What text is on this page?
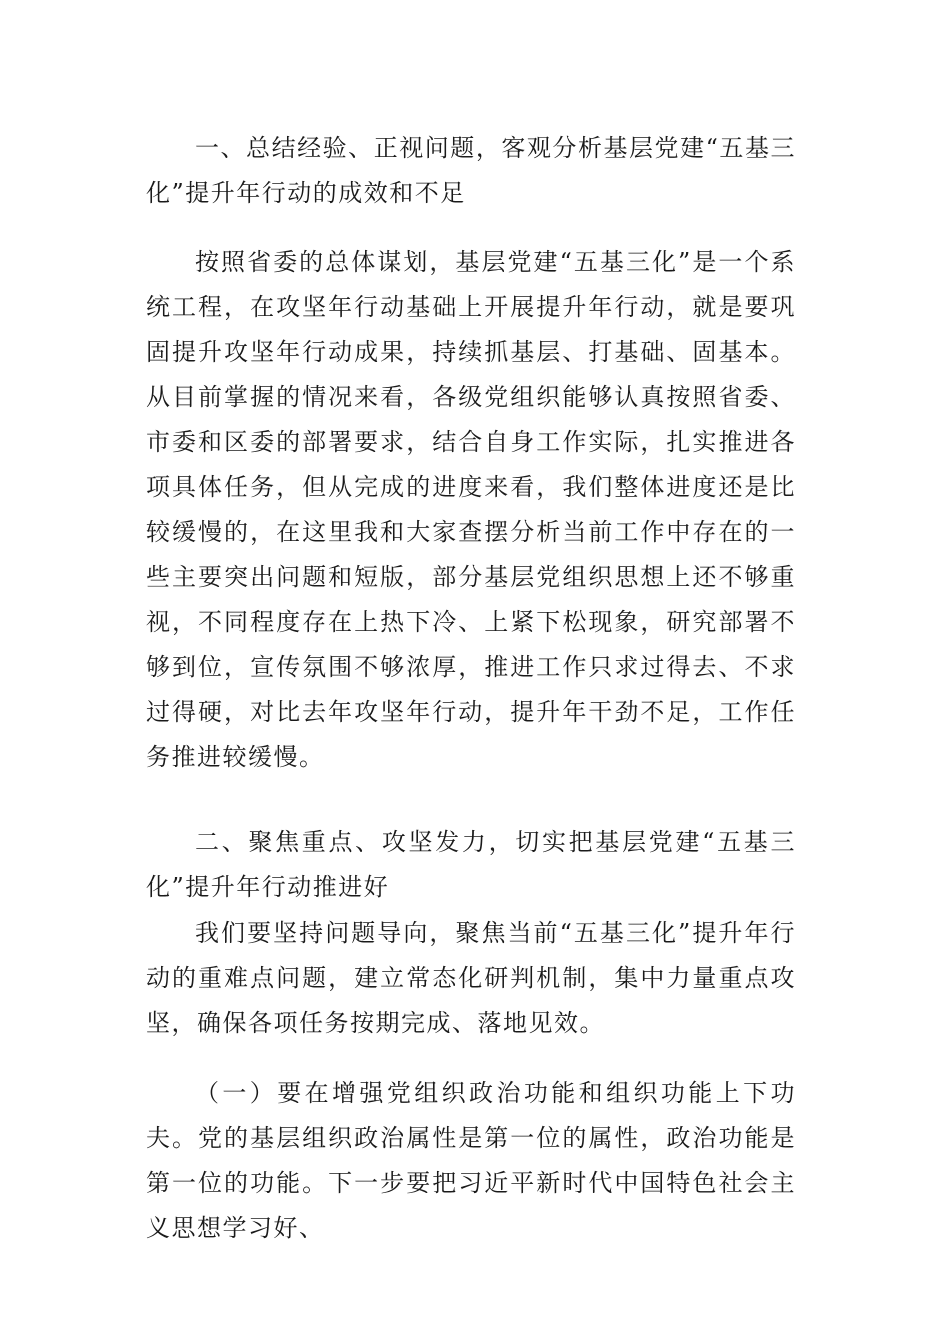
一、总结经验、正视问题，客观分析基层党建“五基三化”提升年行动的成效和不足

按照省委的总体谋划，基层党建“五基三化”是一个系统工程，在攻坚年行动基础上开展提升年行动，就是要巩固提升攻坚年行动成果，持续抓基层、打基础、固基本。从目前掌握的情况来看，各级党组织能够认真按照省委、市委和区委的部署要求，结合自身工作实际，扎实推进各项具体任务，但从完成的进度来看，我们整体进度还是比较缓慢的，在这里我和大家查摆分析当前工作中存在的一些主要突出问题和短版，部分基层党组织思想上还不够重视，不同程度存在上热下冷、上紧下松现象，研究部署不够到位，宣传氛围不够浓厚，推进工作只求过得去、不求过得硬，对比去年攻坚年行动，提升年干劲不足，工作任务推进较缓慢。

二、聚焦重点、攻坚发力，切实把基层党建“五基三化”提升年行动推进好

我们要坚持问题导向，聚焦当前“五基三化”提升年行动的重难点问题，建立常态化研判机制，集中力量重点攻坚，确保各项任务按期完成、落地见效。

（一）要在增强党组织政治功能和组织功能上下功夫。党的基层组织政治属性是第一位的属性，政治功能是第一位的功能。下一步要把习近平新时代中国特色社会主义思想学习好、
